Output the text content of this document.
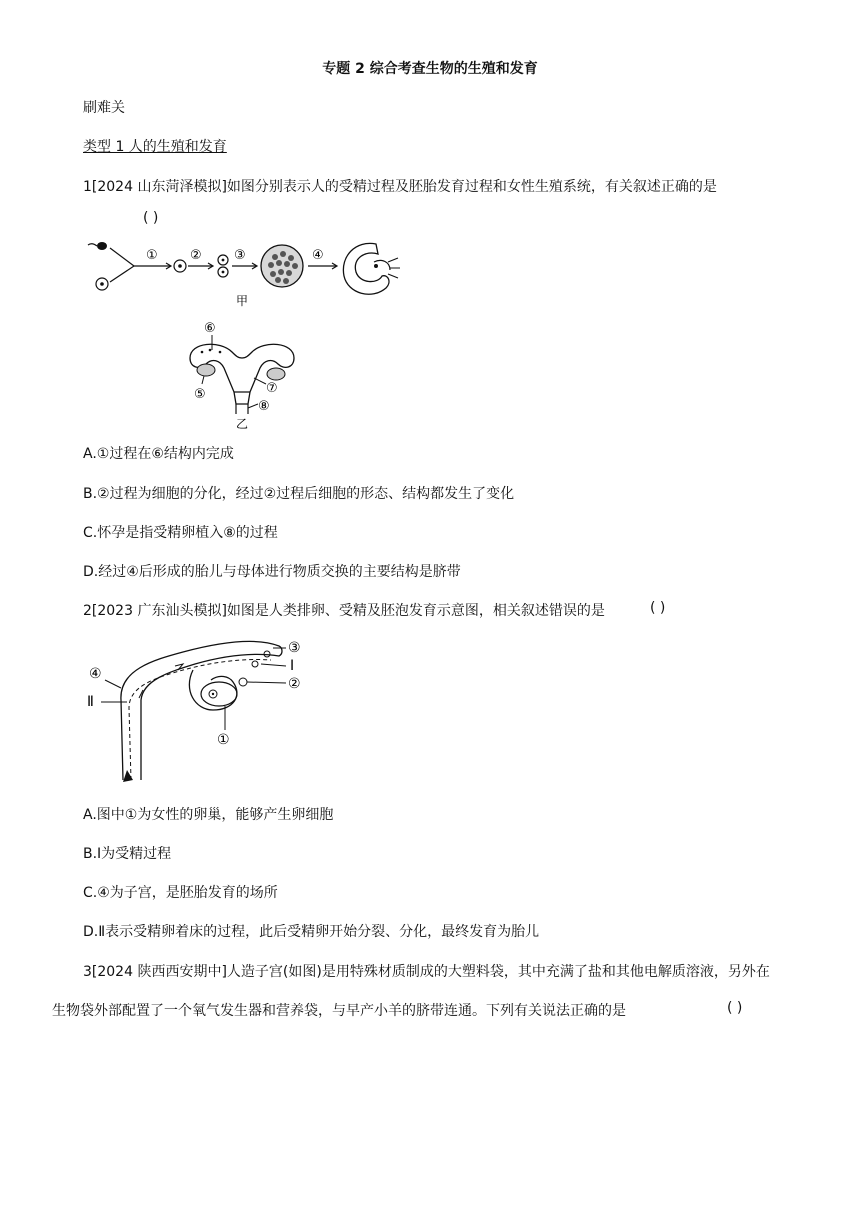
专题 2 综合考查生物的生殖和发育
刷难关
类型 1 人的生殖和发育
1[2024 山东菏泽模拟]如图分别表示人的受精过程及胚胎发育过程和女性生殖系统，有关叙述正确的是
( )
① ② ③	④
甲
⑥
⑤	⑦
⑧
乙
A.①过程在⑥结构内完成
B.②过程为细胞的分化，经过②过程后细胞的形态、结构都发生了变化
C.怀孕是指受精卵植入⑧的过程
D.经过④后形成的胎儿与母体进行物质交换的主要结构是脐带
2[2023 广东汕头模拟]如图是人类排卵、受精及胚泡发育示意图，相关叙述错误的是	( )
③
Ⅰ
②
①
④
Ⅱ
A.图中①为女性的卵巢，能够产生卵细胞
B.Ⅰ为受精过程
C.④为子宫，是胚胎发育的场所
D.Ⅱ表示受精卵着床的过程，此后受精卵开始分裂、分化，最终发育为胎儿
3[2024 陕西西安期中]人造子宫(如图)是用特殊材质制成的大塑料袋，其中充满了盐和其他电解质溶液，另外在
生物袋外部配置了一个氧气发生器和营养袋，与早产小羊的脐带连通。下列有关说法正确的是	( )
